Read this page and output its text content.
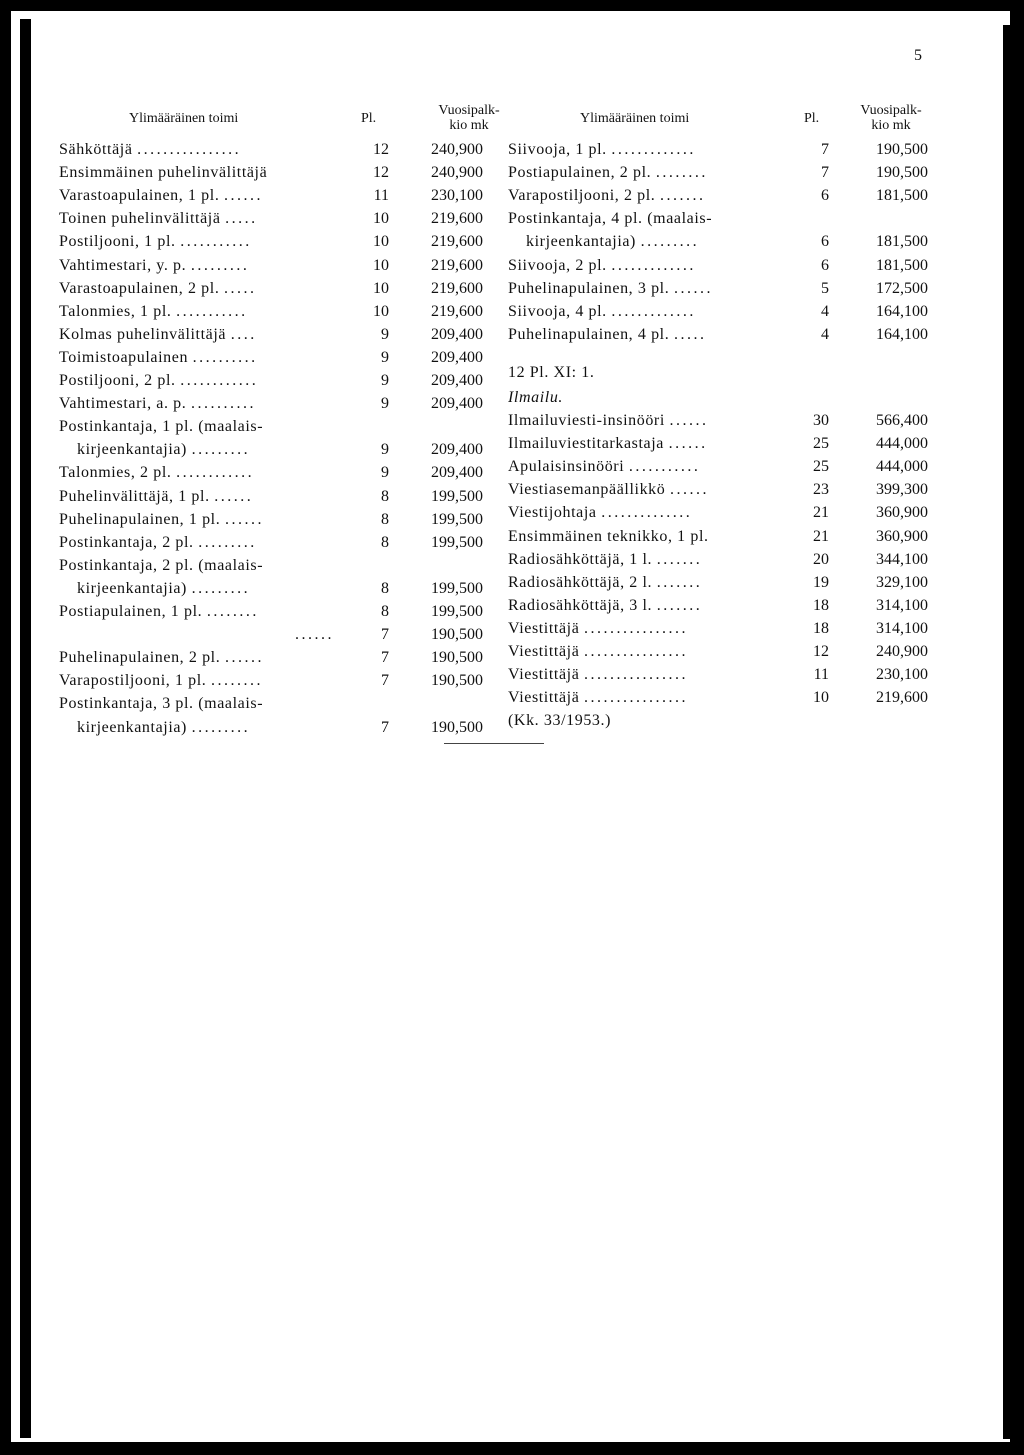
5
Ylimääräinen toimi	Pl.
Vuosipalk-
kio mk
Sähköttäjä ................	12	240,900
Ensimmäinen puhelinvälittäjä	12	240,900
Varastoapulainen, 1 pl. ......	11	230,100
Toinen puhelinvälittäjä .....	10	219,600
Postiljooni, 1 pl. ...........	10	219,600
Vahtimestari, y. p. .........	10	219,600
Varastoapulainen, 2 pl. .....	10	219,600
Talonmies, 1 pl. ...........	10	219,600
Kolmas puhelinvälittäjä ....	9	209,400
Toimistoapulainen ..........	9	209,400
Postiljooni, 2 pl. ............	9	209,400
Vahtimestari, a. p. ..........	9	209,400
Postinkantaja, 1 pl. (maalais-
kirjeenkantajia) .........	9	209,400
Talonmies, 2 pl. ............	9	209,400
Puhelinvälittäjä, 1 pl. ......	8	199,500
Puhelinapulainen, 1 pl. ......	8	199,500
Postinkantaja, 2 pl. .........	8	199,500
Postinkantaja, 2 pl. (maalais-
kirjeenkantajia) .........	8	199,500
Postiapulainen, 1 pl. ........	8	199,500
......	7	190,500
Puhelinapulainen, 2 pl. ......	7	190,500
Varapostiljooni, 1 pl. ........	7	190,500
Postinkantaja, 3 pl. (maalais-
kirjeenkantajia) .........	7	190,500
Ylimääräinen toimi	Pl.
Vuosipalk-
kio mk
Siivooja, 1 pl. .............	7	190,500
Postiapulainen, 2 pl. ........	7	190,500
Varapostiljooni, 2 pl. .......	6	181,500
Postinkantaja, 4 pl. (maalais-
kirjeenkantajia) .........	6	181,500
Siivooja, 2 pl. .............	6	181,500
Puhelinapulainen, 3 pl. ......	5	172,500
Siivooja, 4 pl. .............	4	164,100
Puhelinapulainen, 4 pl. .....	4	164,100
12 Pl. XI: 1.
Ilmailu.
Ilmailuviesti-insinööri ......	30	566,400
Ilmailuviestitarkastaja ......	25	444,000
Apulaisinsinööri ...........	25	444,000
Viestiasemanpäällikkö ......	23	399,300
Viestijohtaja ..............	21	360,900
Ensimmäinen teknikko, 1 pl.	21	360,900
Radiosähköttäjä, 1 l. .......	20	344,100
Radiosähköttäjä, 2 l. .......	19	329,100
Radiosähköttäjä, 3 l. .......	18	314,100
Viestittäjä ................	18	314,100
Viestittäjä ................	12	240,900
Viestittäjä ................	11	230,100
Viestittäjä ................	10	219,600
(Kk. 33/1953.)
